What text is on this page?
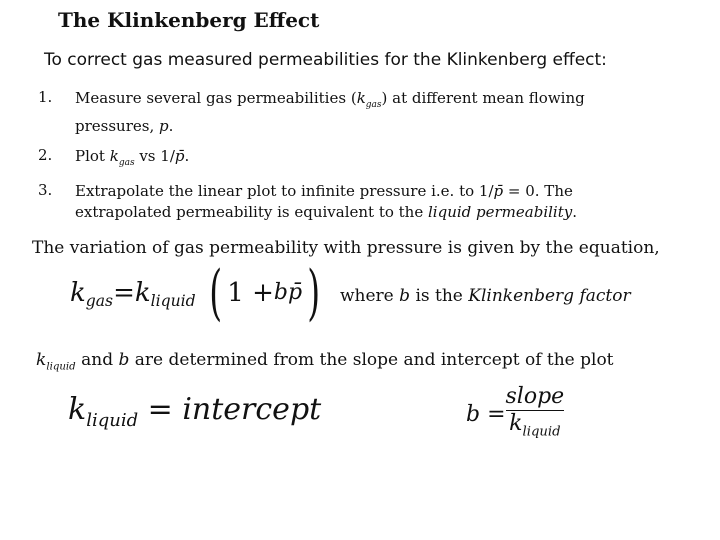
The Klinkenberg Effect
To correct gas measured permeabilities for the Klinkenberg effect:
1. Measure several gas permeabilities $(k_{gas})$ at different mean flowing pressures, p.
2. Plot $k_{gas}$ vs 1/p̄.
3. Extrapolate the linear plot to infinite pressure i.e. to 1/p̄ = 0. The extrapolated permeability is equivalent to the liquid permeability.
The variation of gas permeability with pressure is given by the equation,
$k_{gas}=k_{liquid}$ ( 1 +bp̄)	where b is the Klinkenberg factor
$k_{liquid}$ and b are determined from the slope and intercept of the plot
$k_{liquid}$ = intercept	$b = \frac{\text{slope}}{k_{liquid}}$
